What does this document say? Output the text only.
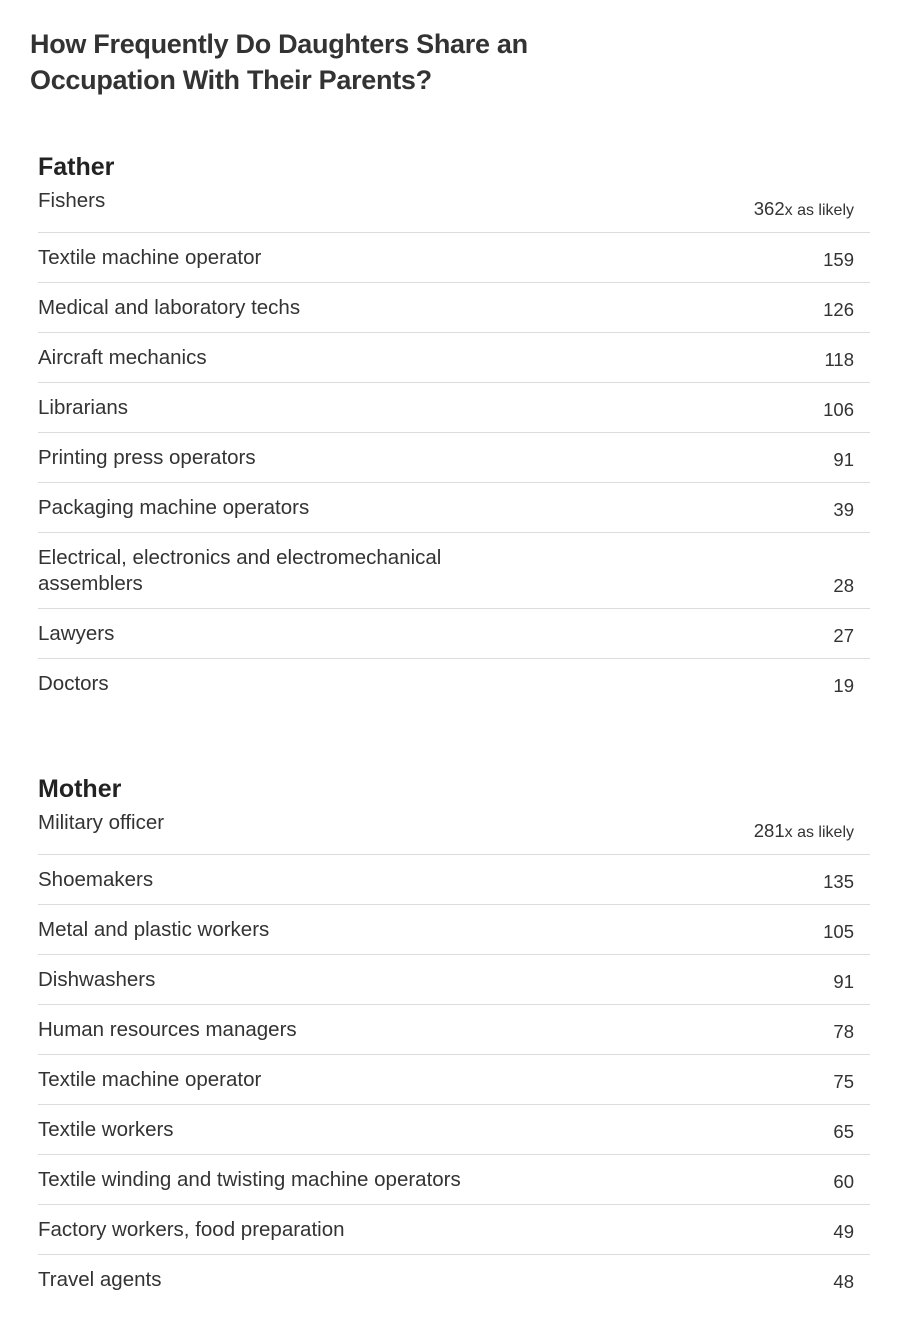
How Frequently Do Daughters Share an Occupation With Their Parents?
Father
Fishers	362x as likely
Textile machine operator	159
Medical and laboratory techs	126
Aircraft mechanics	118
Librarians	106
Printing press operators	91
Packaging machine operators	39
Electrical, electronics and electromechanical assemblers	28
Lawyers	27
Doctors	19
Mother
Military officer	281x as likely
Shoemakers	135
Metal and plastic workers	105
Dishwashers	91
Human resources managers	78
Textile machine operator	75
Textile workers	65
Textile winding and twisting machine operators	60
Factory workers, food preparation	49
Travel agents	48
